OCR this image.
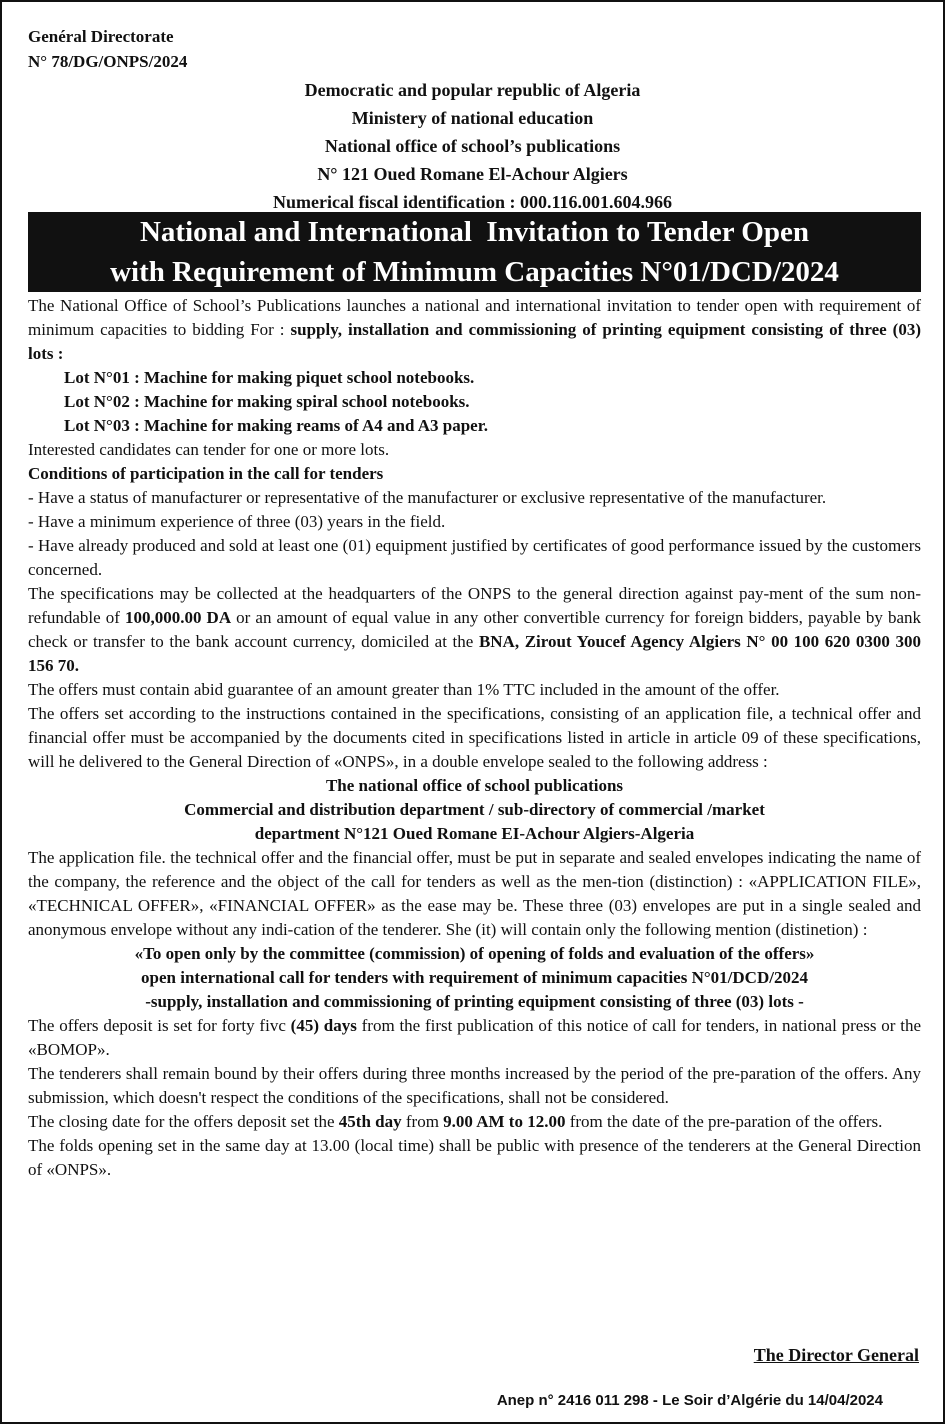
Genéral Directorate
N° 78/DG/ONPS/2024
Democratic and popular republic of Algeria
Ministery of national education
National office of school’s publications
N° 121 Oued Romane El-Achour Algiers
Numerical fiscal identification : 000.116.001.604.966
National and International  Invitation to Tender Open
with Requirement of Minimum Capacities N°01/DCD/2024

The National Office of School’s Publications launches a national and international invitation to tender open with requirement of minimum capacities to bidding For : supply, installation and commissioning of printing equipment consisting of three (03) lots :

Lot N°01 : Machine for making piquet school notebooks.

Lot N°02 : Machine for making spiral school notebooks.

Lot N°03 : Machine for making reams of A4 and A3 paper.

Interested candidates can tender for one or more lots.

Conditions of participation in the call for tenders

- Have a status of manufacturer or representative of the manufacturer or exclusive representative of the manufacturer.

- Have a minimum experience of three (03) years in the field.

- Have already produced and sold at least one (01) equipment justified by certificates of good performance issued by the customers concerned.

The specifications may be collected at the headquarters of the ONPS to the general direction against pay-ment of the sum non-refundable of 100,000.00 DA or an amount of equal value in any other convertible currency for foreign bidders, payable by bank check or transfer to the bank account currency, domiciled at the BNA, Zirout Youcef Agency Algiers N° 00 100 620 0300 300 156 70.

The offers must contain abid guarantee of an amount greater than 1% TTC included in the amount of the offer.

The offers set according to the instructions contained in the specifications, consisting of an application file, a technical offer and financial offer must be accompanied by the documents cited in specifications listed in article in article 09 of these specifications, will he delivered to the General Direction of «ONPS», in a double envelope sealed to the following address :

The national office of school publications

Commercial and distribution department / sub-directory of commercial /market

department N°121 Oued Romane EI-Achour Algiers-Algeria

The application file. the technical offer and the financial offer, must be put in separate and sealed envelopes indicating the name of the company, the reference and the object of the call for tenders as well as the men-tion (distinction) : «APPLICATION FILE», «TECHNICAL OFFER», «FINANCIAL OFFER» as the ease may be. These three (03) envelopes are put in a single sealed and anonymous envelope without any indi-cation of the tenderer. She (it) will contain only the following mention (distinetion) :

«To open only by the committee (commission) of opening of folds and evaluation of the offers»

open international call for tenders with requirement of minimum capacities N°01/DCD/2024

-supply, installation and commissioning of printing equipment consisting of three (03) lots -

The offers deposit is set for forty fivc (45) days from the first publication of this notice of call for tenders, in national press or the «BOMOP».

The tenderers shall remain bound by their offers during three months increased by the period of the pre-paration of the offers. Any submission, which doesn't respect the conditions of the specifications, shall not be considered.

The closing date for the offers deposit set the 45th day from 9.00 AM to 12.00 from the date of the pre-paration of the offers.

The folds opening set in the same day at 13.00 (local time) shall be public with presence of the tenderers at the General Direction of «ONPS».

The Director General
Anep n° 2416 011 298 - Le Soir d’Algérie du 14/04/2024
